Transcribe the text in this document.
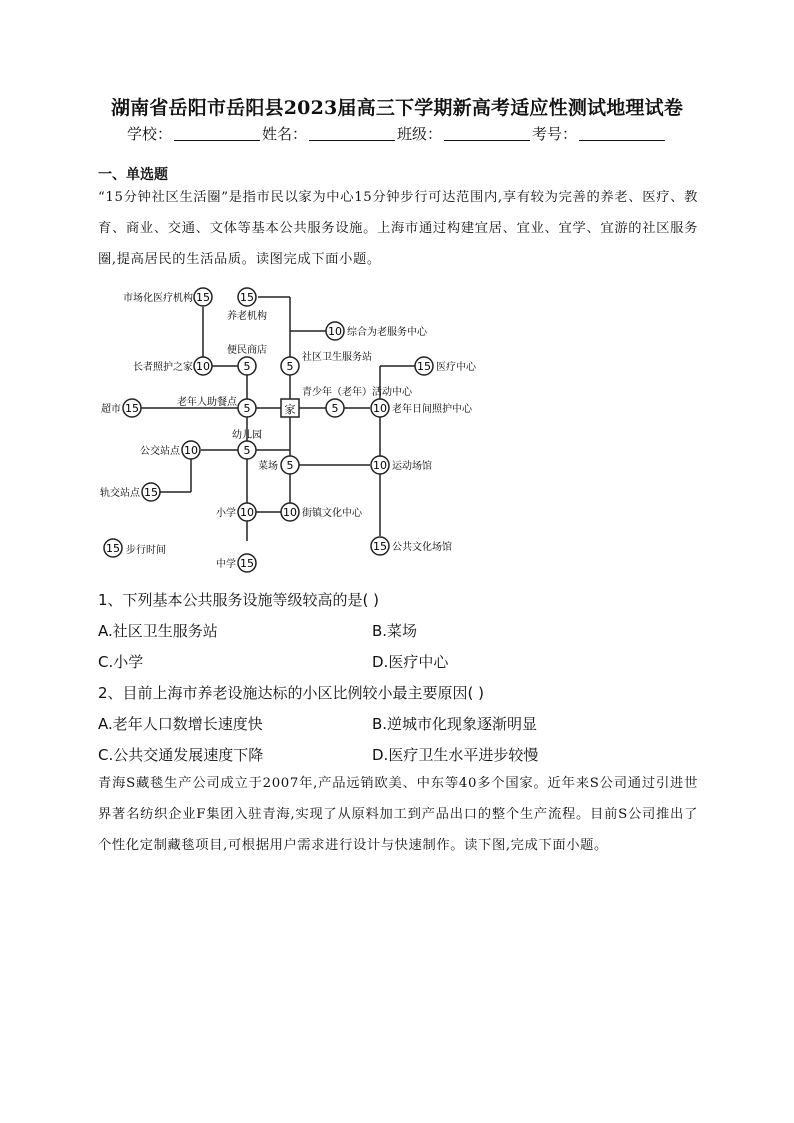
湖南省岳阳市岳阳县2023届高三下学期新高考适应性测试地理试卷
学校：	姓名：	班级：	考号：
一、单选题
“15分钟社区生活圈”是指市民以家为中心15分钟步行可达范围内,享有较为完善的养老、医疗、教育、商业、交通、文体等基本公共服务设施。上海市通过构建宜居、宜业、宜学、宜游的社区服务圈,提高居民的生活品质。读图完成下面小题。
家
15
市场化医疗机构	15
养老机构
10 综合为老服务中心
5
便民商店
10
长者照护之家	5
社区卫生服务站
15 医疗中心
5
老年人助餐点
15
超市	5
青少年（老年）活动中心
10 老年日间照护中心
5
幼儿园
10
公交站点
15
轨交站点
5
菜场	10 运动场馆
10
小学	10 街镇文化中心
15
中学
15 公共文化场馆
15 步行时间
1、下列基本公共服务设施等级较高的是( )
A.社区卫生服务站	B.菜场
C.小学	D.医疗中心
2、目前上海市养老设施达标的小区比例较小最主要原因( )
A.老年人口数增长速度快	B.逆城市化现象逐渐明显
C.公共交通发展速度下降	D.医疗卫生水平进步较慢
青海S藏毯生产公司成立于2007年,产品远销欧美、中东等40多个国家。近年来S公司通过引进世界著名纺织企业F集团入驻青海,实现了从原料加工到产品出口的整个生产流程。目前S公司推出了个性化定制藏毯项目,可根据用户需求进行设计与快速制作。读下图,完成下面小题。
